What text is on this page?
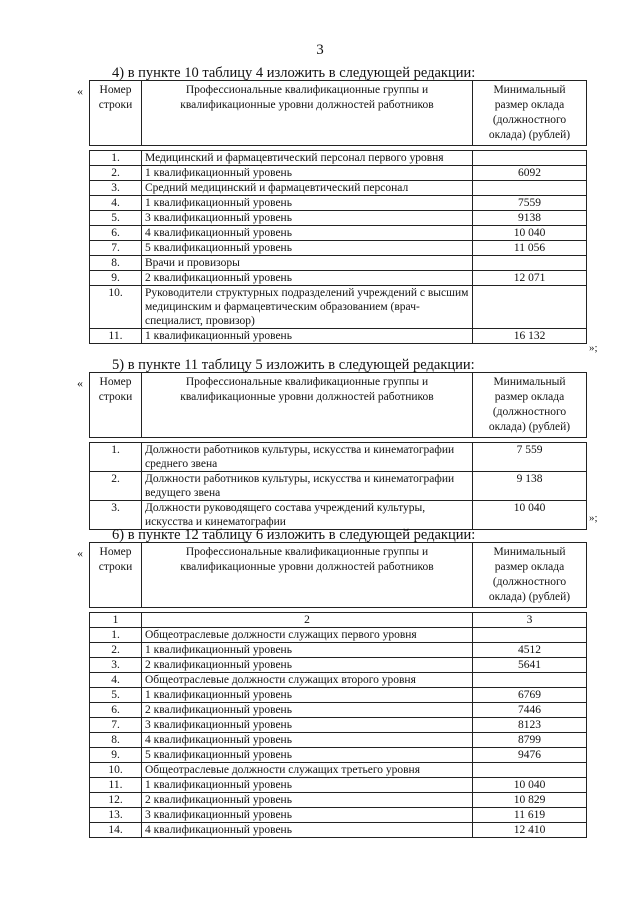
3
4) в пункте 10 таблицу 4 изложить в следующей редакции:
« Номер строки	Профессиональные квалификационные группы и квалификационные уровни должностей работников	Минимальный размер оклада (должностного оклада) (рублей)

1.	Медицинский и фармацевтический персонал первого уровня	
2.	1 квалификационный уровень	6092
3.	Средний медицинский и фармацевтический персонал	
4.	1 квалификационный уровень	7559
5.	3 квалификационный уровень	9138
6.	4 квалификационный уровень	10 040
7.	5 квалификационный уровень	11 056
8.	Врачи и провизоры	
9.	2 квалификационный уровень	12 071
10.	Руководители структурных подразделений учреждений с высшим медицинским и фармацевтическим образованием (врач-специалист, провизор)	
11.	1 квалификационный уровень	16 132
»;
5) в пункте 11 таблицу 5 изложить в следующей редакции:
« Номер строки	Профессиональные квалификационные группы и квалификационные уровни должностей работников	Минимальный размер оклада (должностного оклада) (рублей)

1.	Должности работников культуры, искусства и кинематографии среднего звена	7 559
2.	Должности работников культуры, искусства и кинематографии ведущего звена	9 138
3.	Должности руководящего состава учреждений культуры, искусства и кинематографии	10 040
»;
6) в пункте 12 таблицу 6 изложить в следующей редакции:
« Номер строки	Профессиональные квалификационные группы и квалификационные уровни должностей работников	Минимальный размер оклада (должностного оклада) (рублей)

1	2	3
1.	Общеотраслевые должности служащих первого уровня	
2.	1 квалификационный уровень	4512
3.	2 квалификационный уровень	5641
4.	Общеотраслевые должности служащих второго уровня	
5.	1 квалификационный уровень	6769
6.	2 квалификационный уровень	7446
7.	3 квалификационный уровень	8123
8.	4 квалификационный уровень	8799
9.	5 квалификационный уровень	9476
10.	Общеотраслевые должности служащих третьего уровня	
11.	1 квалификационный уровень	10 040
12.	2 квалификационный уровень	10 829
13.	3 квалификационный уровень	11 619
14.	4 квалификационный уровень	12 410
